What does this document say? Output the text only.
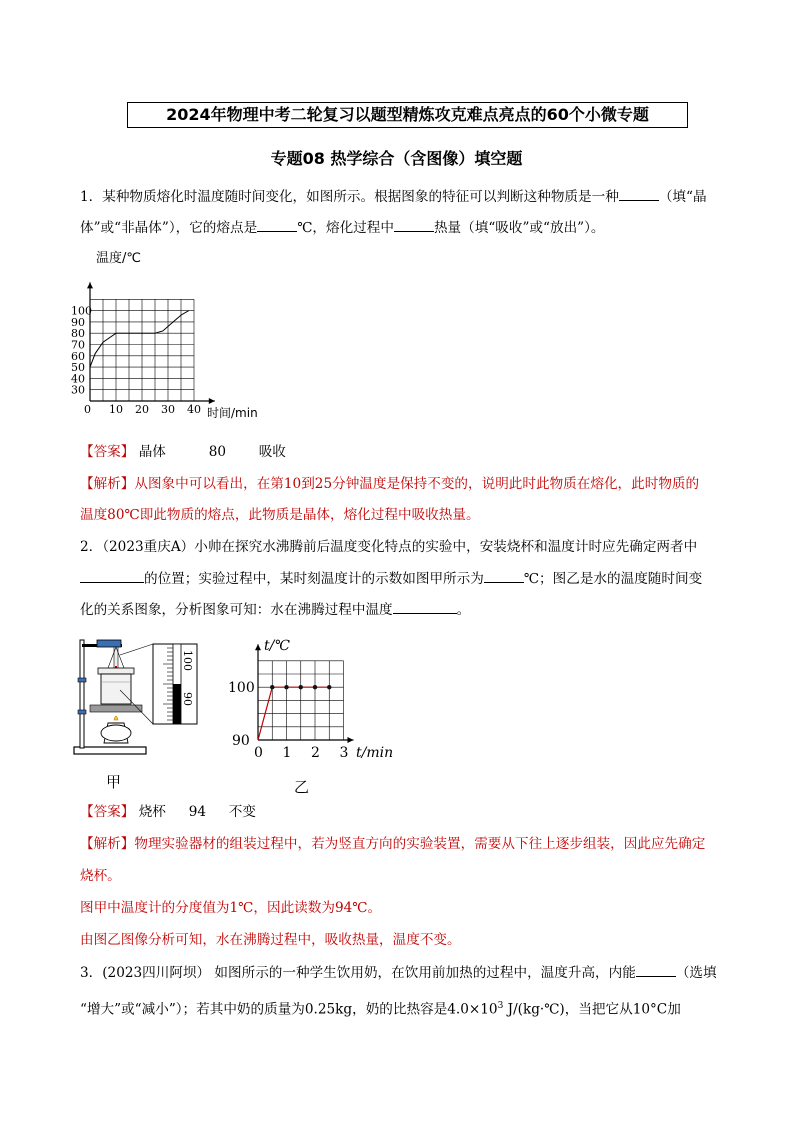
2024年物理中考二轮复习以题型精炼攻克难点亮点的60个小微专题
专题08 热学综合（含图像）填空题
1．某种物质熔化时温度随时间变化，如图所示。根据图象的特征可以判断这种物质是一种	（填“晶
体”或“非晶体”），它的熔点是	℃，熔化过程中	热量（填“吸收”或“放出”）。
温度/℃
时间/min
100
90
80
70
60
50
40
30
0 10 20 30 40
【答案】 晶体	80 吸收
【解析】从图象中可以看出，在第10到25分钟温度是保持不变的，说明此时此物质在熔化，此时物质的
温度80℃即此物质的熔点，此物质是晶体，熔化过程中吸收热量。
2．（2023重庆A）小帅在探究水沸腾前后温度变化特点的实验中，安装烧杯和温度计时应先确定两者中
的位置；实验过程中，某时刻温度计的示数如图甲所示为	℃；图乙是水的温度随时间变
化的关系图象，分析图象可知：水在沸腾过程中温度	。
100
90
甲
t/℃
t/min
100
90
0 1 2 3
乙
【答案】 烧杯 94 不变
【解析】物理实验器材的组装过程中，若为竖直方向的实验装置，需要从下往上逐步组装，因此应先确定
烧杯。
图甲中温度计的分度值为1℃，因此读数为94℃。
由图乙图像分析可知，水在沸腾过程中，吸收热量，温度不变。
3．(2023四川阿坝） 如图所示的一种学生饮用奶，在饮用前加热的过程中，温度升高，内能	（选填
“增大”或“减小”）；若其中奶的质量为0.25kg，奶的比热容是$4.0\times 10^3$ J/(kg·℃)，当把它从10°C加
